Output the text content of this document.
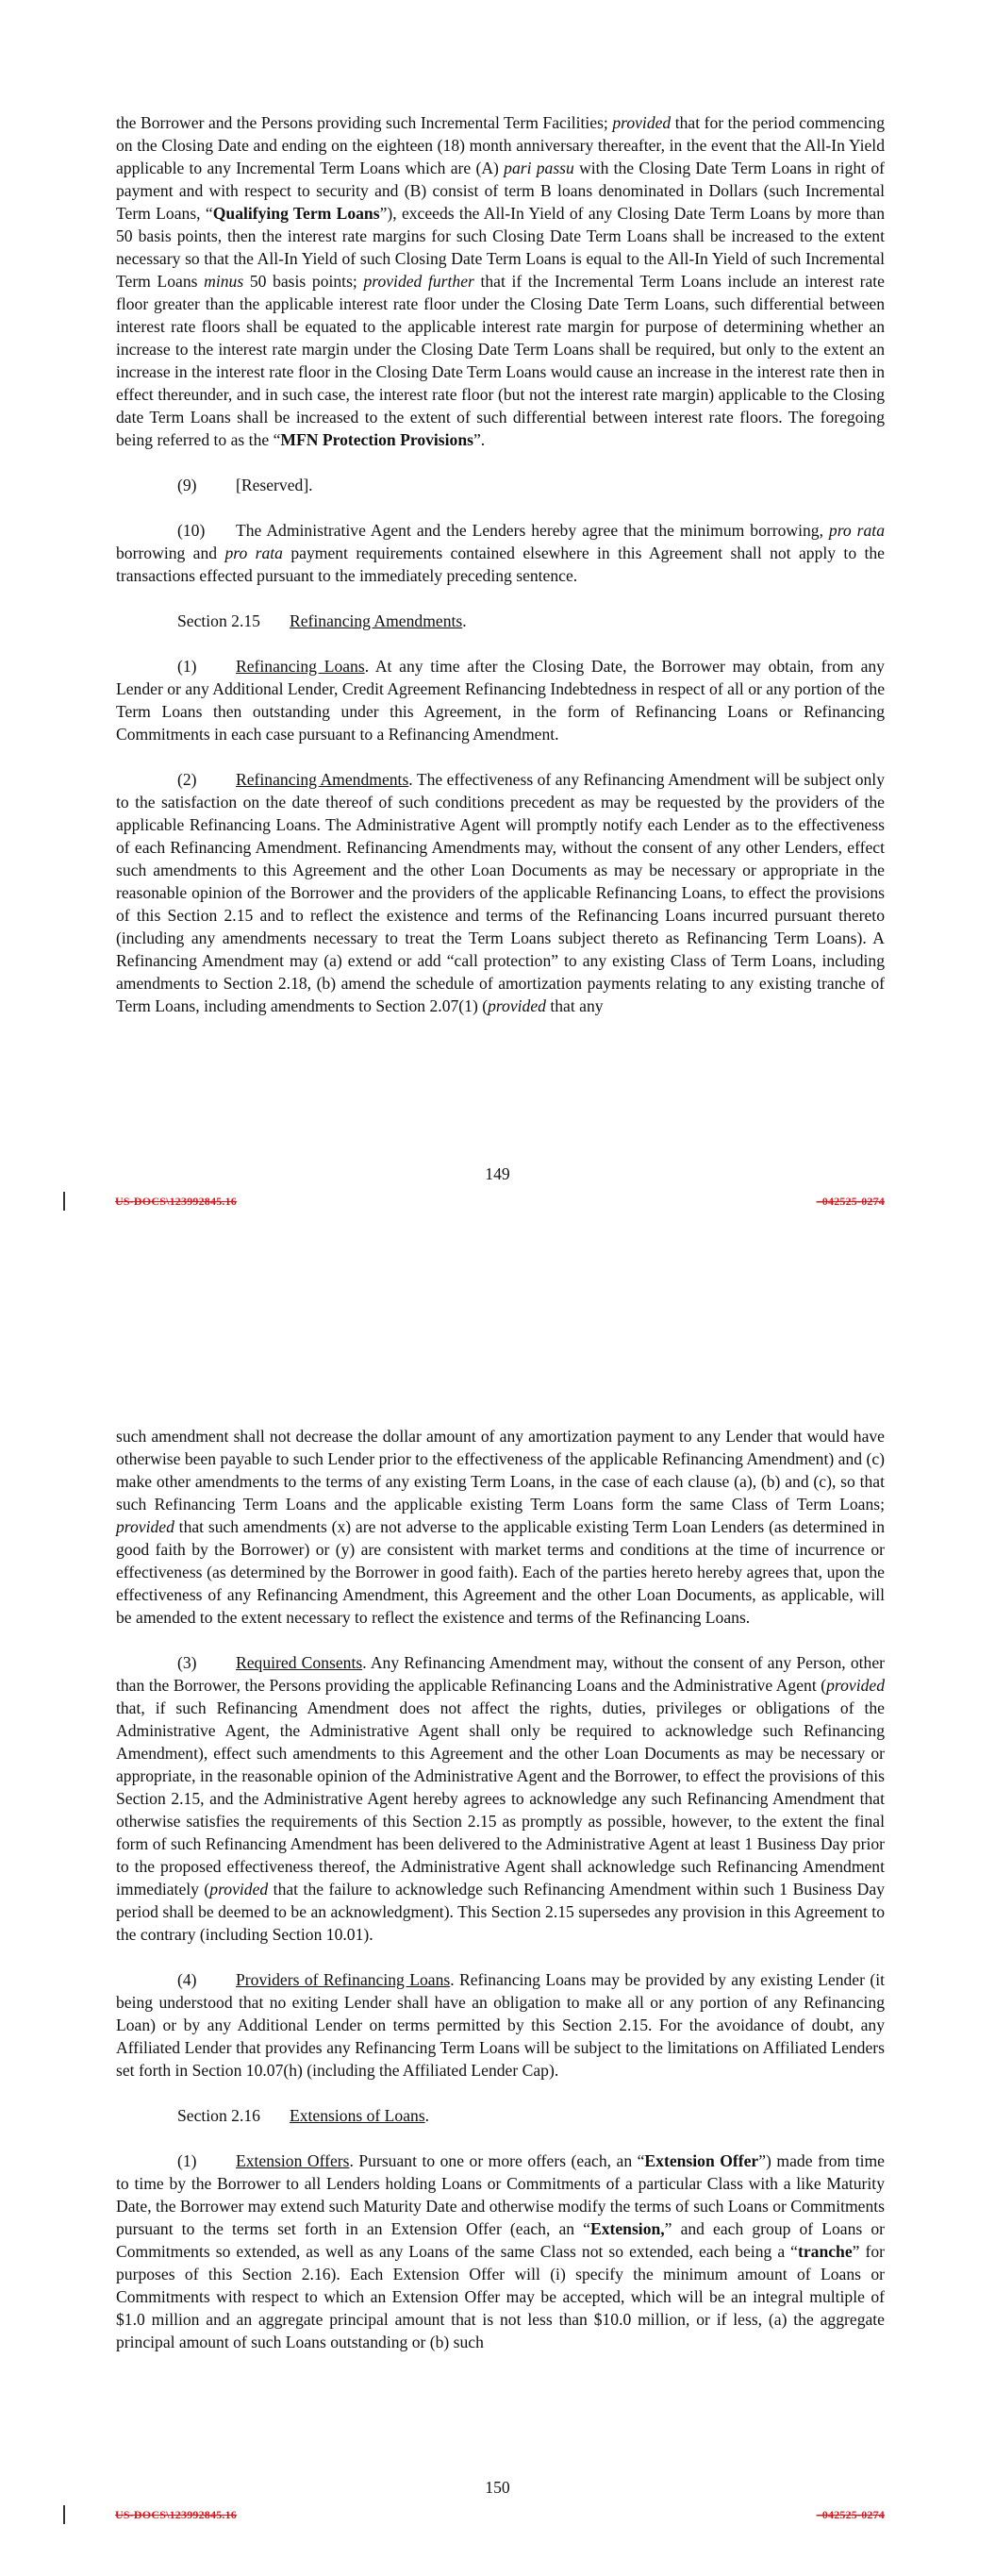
the Borrower and the Persons providing such Incremental Term Facilities; provided that for the period commencing on the Closing Date and ending on the eighteen (18) month anniversary thereafter, in the event that the All-In Yield applicable to any Incremental Term Loans which are (A) pari passu with the Closing Date Term Loans in right of payment and with respect to security and (B) consist of term B loans denominated in Dollars (such Incremental Term Loans, “Qualifying Term Loans”), exceeds the All-In Yield of any Closing Date Term Loans by more than 50 basis points, then the interest rate margins for such Closing Date Term Loans shall be increased to the extent necessary so that the All-In Yield of such Closing Date Term Loans is equal to the All-In Yield of such Incremental Term Loans minus 50 basis points; provided further that if the Incremental Term Loans include an interest rate floor greater than the applicable interest rate floor under the Closing Date Term Loans, such differential between interest rate floors shall be equated to the applicable interest rate margin for purpose of determining whether an increase to the interest rate margin under the Closing Date Term Loans shall be required, but only to the extent an increase in the interest rate floor in the Closing Date Term Loans would cause an increase in the interest rate then in effect thereunder, and in such case, the interest rate floor (but not the interest rate margin) applicable to the Closing date Term Loans shall be increased to the extent of such differential between interest rate floors. The foregoing being referred to as the “MFN Protection Provisions”.

(9) [Reserved].

(10) The Administrative Agent and the Lenders hereby agree that the minimum borrowing, pro rata borrowing and pro rata payment requirements contained elsewhere in this Agreement shall not apply to the transactions effected pursuant to the immediately preceding sentence.

Section 2.15 Refinancing Amendments.

(1) Refinancing Loans. At any time after the Closing Date, the Borrower may obtain, from any Lender or any Additional Lender, Credit Agreement Refinancing Indebtedness in respect of all or any portion of the Term Loans then outstanding under this Agreement, in the form of Refinancing Loans or Refinancing Commitments in each case pursuant to a Refinancing Amendment.

(2) Refinancing Amendments. The effectiveness of any Refinancing Amendment will be subject only to the satisfaction on the date thereof of such conditions precedent as may be requested by the providers of the applicable Refinancing Loans. The Administrative Agent will promptly notify each Lender as to the effectiveness of each Refinancing Amendment. Refinancing Amendments may, without the consent of any other Lenders, effect such amendments to this Agreement and the other Loan Documents as may be necessary or appropriate in the reasonable opinion of the Borrower and the providers of the applicable Refinancing Loans, to effect the provisions of this Section 2.15 and to reflect the existence and terms of the Refinancing Loans incurred pursuant thereto (including any amendments necessary to treat the Term Loans subject thereto as Refinancing Term Loans). A Refinancing Amendment may (a) extend or add “call protection” to any existing Class of Term Loans, including amendments to Section 2.18, (b) amend the schedule of amortization payments relating to any existing tranche of Term Loans, including amendments to Section 2.07(1) (provided that any

149
US-DOCS\123992845.16	–042525-0274

such amendment shall not decrease the dollar amount of any amortization payment to any Lender that would have otherwise been payable to such Lender prior to the effectiveness of the applicable Refinancing Amendment) and (c) make other amendments to the terms of any existing Term Loans, in the case of each clause (a), (b) and (c), so that such Refinancing Term Loans and the applicable existing Term Loans form the same Class of Term Loans; provided that such amendments (x) are not adverse to the applicable existing Term Loan Lenders (as determined in good faith by the Borrower) or (y) are consistent with market terms and conditions at the time of incurrence or effectiveness (as determined by the Borrower in good faith). Each of the parties hereto hereby agrees that, upon the effectiveness of any Refinancing Amendment, this Agreement and the other Loan Documents, as applicable, will be amended to the extent necessary to reflect the existence and terms of the Refinancing Loans.

(3) Required Consents. Any Refinancing Amendment may, without the consent of any Person, other than the Borrower, the Persons providing the applicable Refinancing Loans and the Administrative Agent (provided that, if such Refinancing Amendment does not affect the rights, duties, privileges or obligations of the Administrative Agent, the Administrative Agent shall only be required to acknowledge such Refinancing Amendment), effect such amendments to this Agreement and the other Loan Documents as may be necessary or appropriate, in the reasonable opinion of the Administrative Agent and the Borrower, to effect the provisions of this Section 2.15, and the Administrative Agent hereby agrees to acknowledge any such Refinancing Amendment that otherwise satisfies the requirements of this Section 2.15 as promptly as possible, however, to the extent the final form of such Refinancing Amendment has been delivered to the Administrative Agent at least 1 Business Day prior to the proposed effectiveness thereof, the Administrative Agent shall acknowledge such Refinancing Amendment immediately (provided that the failure to acknowledge such Refinancing Amendment within such 1 Business Day period shall be deemed to be an acknowledgment). This Section 2.15 supersedes any provision in this Agreement to the contrary (including Section 10.01).

(4) Providers of Refinancing Loans. Refinancing Loans may be provided by any existing Lender (it being understood that no exiting Lender shall have an obligation to make all or any portion of any Refinancing Loan) or by any Additional Lender on terms permitted by this Section 2.15. For the avoidance of doubt, any Affiliated Lender that provides any Refinancing Term Loans will be subject to the limitations on Affiliated Lenders set forth in Section 10.07(h) (including the Affiliated Lender Cap).

Section 2.16 Extensions of Loans.

(1) Extension Offers. Pursuant to one or more offers (each, an “Extension Offer”) made from time to time by the Borrower to all Lenders holding Loans or Commitments of a particular Class with a like Maturity Date, the Borrower may extend such Maturity Date and otherwise modify the terms of such Loans or Commitments pursuant to the terms set forth in an Extension Offer (each, an “Extension,” and each group of Loans or Commitments so extended, as well as any Loans of the same Class not so extended, each being a “tranche” for purposes of this Section 2.16). Each Extension Offer will (i) specify the minimum amount of Loans or Commitments with respect to which an Extension Offer may be accepted, which will be an integral multiple of $1.0 million and an aggregate principal amount that is not less than $10.0 million, or if less, (a) the aggregate principal amount of such Loans outstanding or (b) such

150
US-DOCS\123992845.16	–042525-0274
